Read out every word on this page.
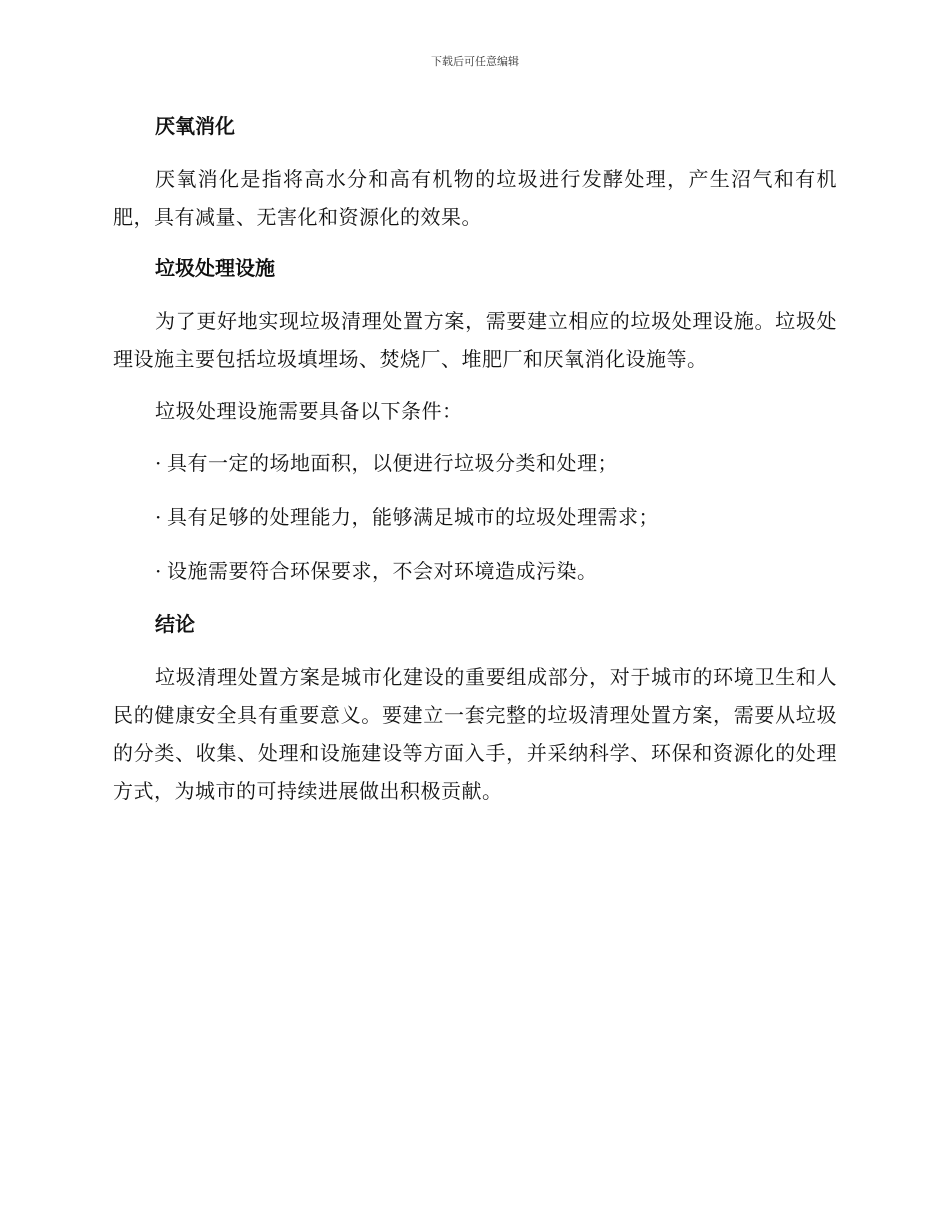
下载后可任意编辑
厌氧消化

厌氧消化是指将高水分和高有机物的垃圾进行发酵处理，产生沼气和有机肥，具有减量、无害化和资源化的效果。

垃圾处理设施

为了更好地实现垃圾清理处置方案，需要建立相应的垃圾处理设施。垃圾处理设施主要包括垃圾填埋场、焚烧厂、堆肥厂和厌氧消化设施等。

垃圾处理设施需要具备以下条件：

· 具有一定的场地面积，以便进行垃圾分类和处理；
· 具有足够的处理能力，能够满足城市的垃圾处理需求；
· 设施需要符合环保要求，不会对环境造成污染。
结论

垃圾清理处置方案是城市化建设的重要组成部分，对于城市的环境卫生和人民的健康安全具有重要意义。要建立一套完整的垃圾清理处置方案，需要从垃圾的分类、收集、处理和设施建设等方面入手，并采纳科学、环保和资源化的处理方式，为城市的可持续进展做出积极贡献。
